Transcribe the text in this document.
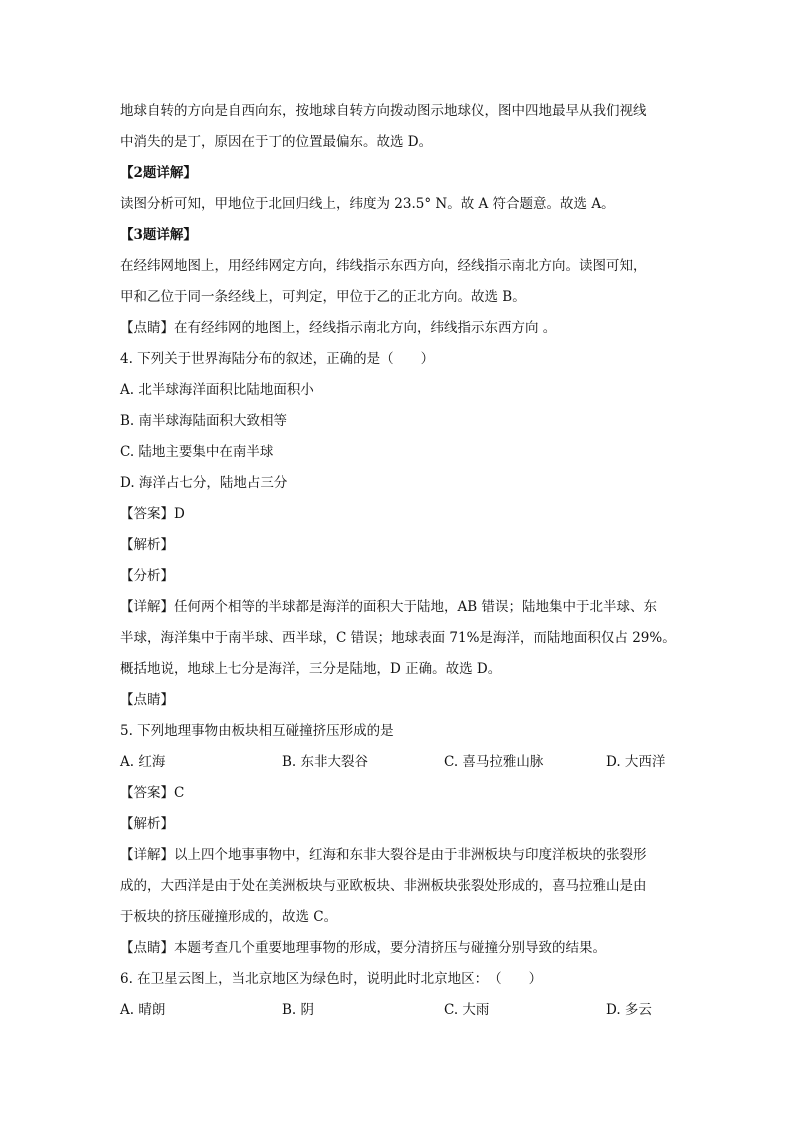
地球自转的方向是自西向东，按地球自转方向拨动图示地球仪，图中四地最早从我们视线
中消失的是丁，原因在于丁的位置最偏东。故选 D。
【2题详解】
读图分析可知，甲地位于北回归线上，纬度为 23.5° N。故 A 符合题意。故选 A。
【3题详解】
在经纬网地图上，用经纬网定方向，纬线指示东西方向，经线指示南北方向。读图可知，
甲和乙位于同一条经线上，可判定，甲位于乙的正北方向。故选 B。
【点睛】在有经纬网的地图上，经线指示南北方向，纬线指示东西方向 。
4. 下列关于世界海陆分布的叙述，正确的是（　　）
A. 北半球海洋面积比陆地面积小
B. 南半球海陆面积大致相等
C. 陆地主要集中在南半球
D. 海洋占七分，陆地占三分
【答案】D
【解析】
【分析】
【详解】任何两个相等的半球都是海洋的面积大于陆地，AB 错误；陆地集中于北半球、东
半球，海洋集中于南半球、西半球，C 错误；地球表面 71%是海洋，而陆地面积仅占 29%。
概括地说，地球上七分是海洋，三分是陆地，D 正确。故选 D。
【点睛】
5. 下列地理事物由板块相互碰撞挤压形成的是
A. 红海	B. 东非大裂谷	C. 喜马拉雅山脉	D. 大西洋
【答案】C
【解析】
【详解】以上四个地事事物中，红海和东非大裂谷是由于非洲板块与印度洋板块的张裂形
成的，大西洋是由于处在美洲板块与亚欧板块、非洲板块张裂处形成的，喜马拉雅山是由
于板块的挤压碰撞形成的，故选 C。
【点睛】本题考查几个重要地理事物的形成，要分清挤压与碰撞分别导致的结果。
6. 在卫星云图上，当北京地区为绿色时，说明此时北京地区：　（　　）
A. 晴朗	B. 阴	C. 大雨	D. 多云
